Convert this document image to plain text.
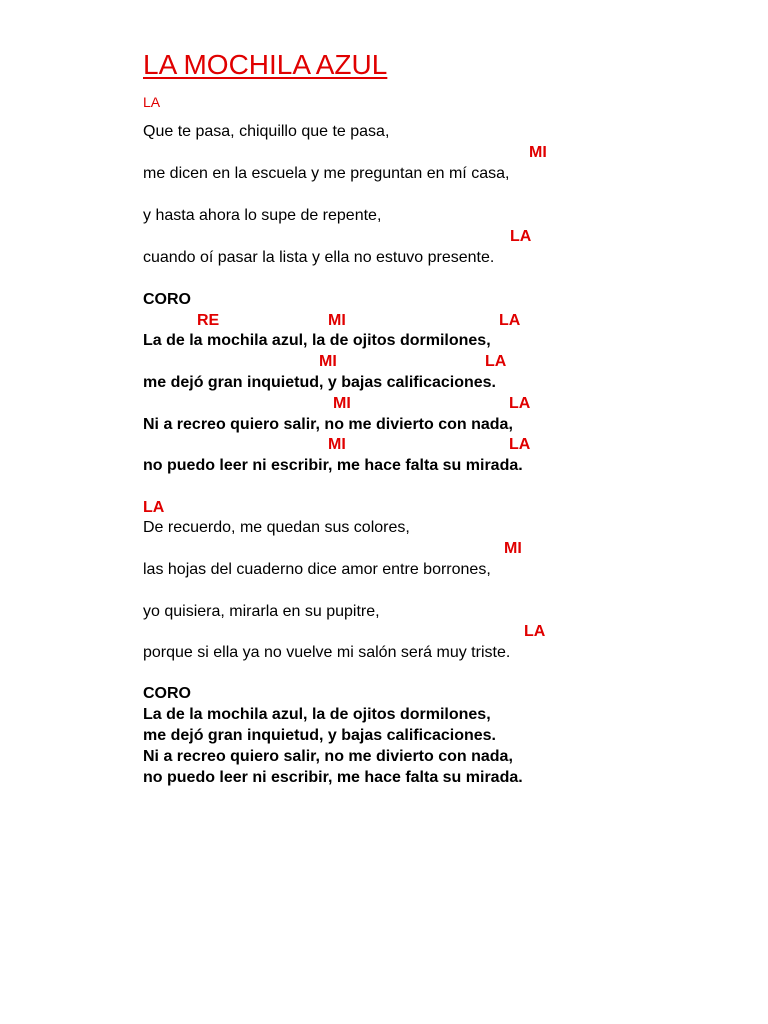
LA MOCHILA AZUL
LA
Que te pasa, chiquillo que te pasa,
MI
me dicen en la escuela y me preguntan en mí casa,
y hasta ahora lo supe de repente,
LA
cuando oí pasar la lista y ella no estuvo presente.
CORO
RE	MI	LA
La de la mochila azul, la de ojitos dormilones,
MI	LA
me dejó gran inquietud, y bajas calificaciones.
MI	LA
Ni a recreo quiero salir, no me divierto con nada,
MI	LA
no puedo leer ni escribir, me hace falta su mirada.
LA
De recuerdo, me quedan sus colores,
MI
las hojas del cuaderno dice amor entre borrones,
yo quisiera, mirarla en su pupitre,
LA
porque si ella ya no vuelve mi salón será muy triste.
CORO
La de la mochila azul, la de ojitos dormilones,
me dejó gran inquietud, y bajas calificaciones.
Ni a recreo quiero salir, no me divierto con nada,
no puedo leer ni escribir, me hace falta su mirada.
